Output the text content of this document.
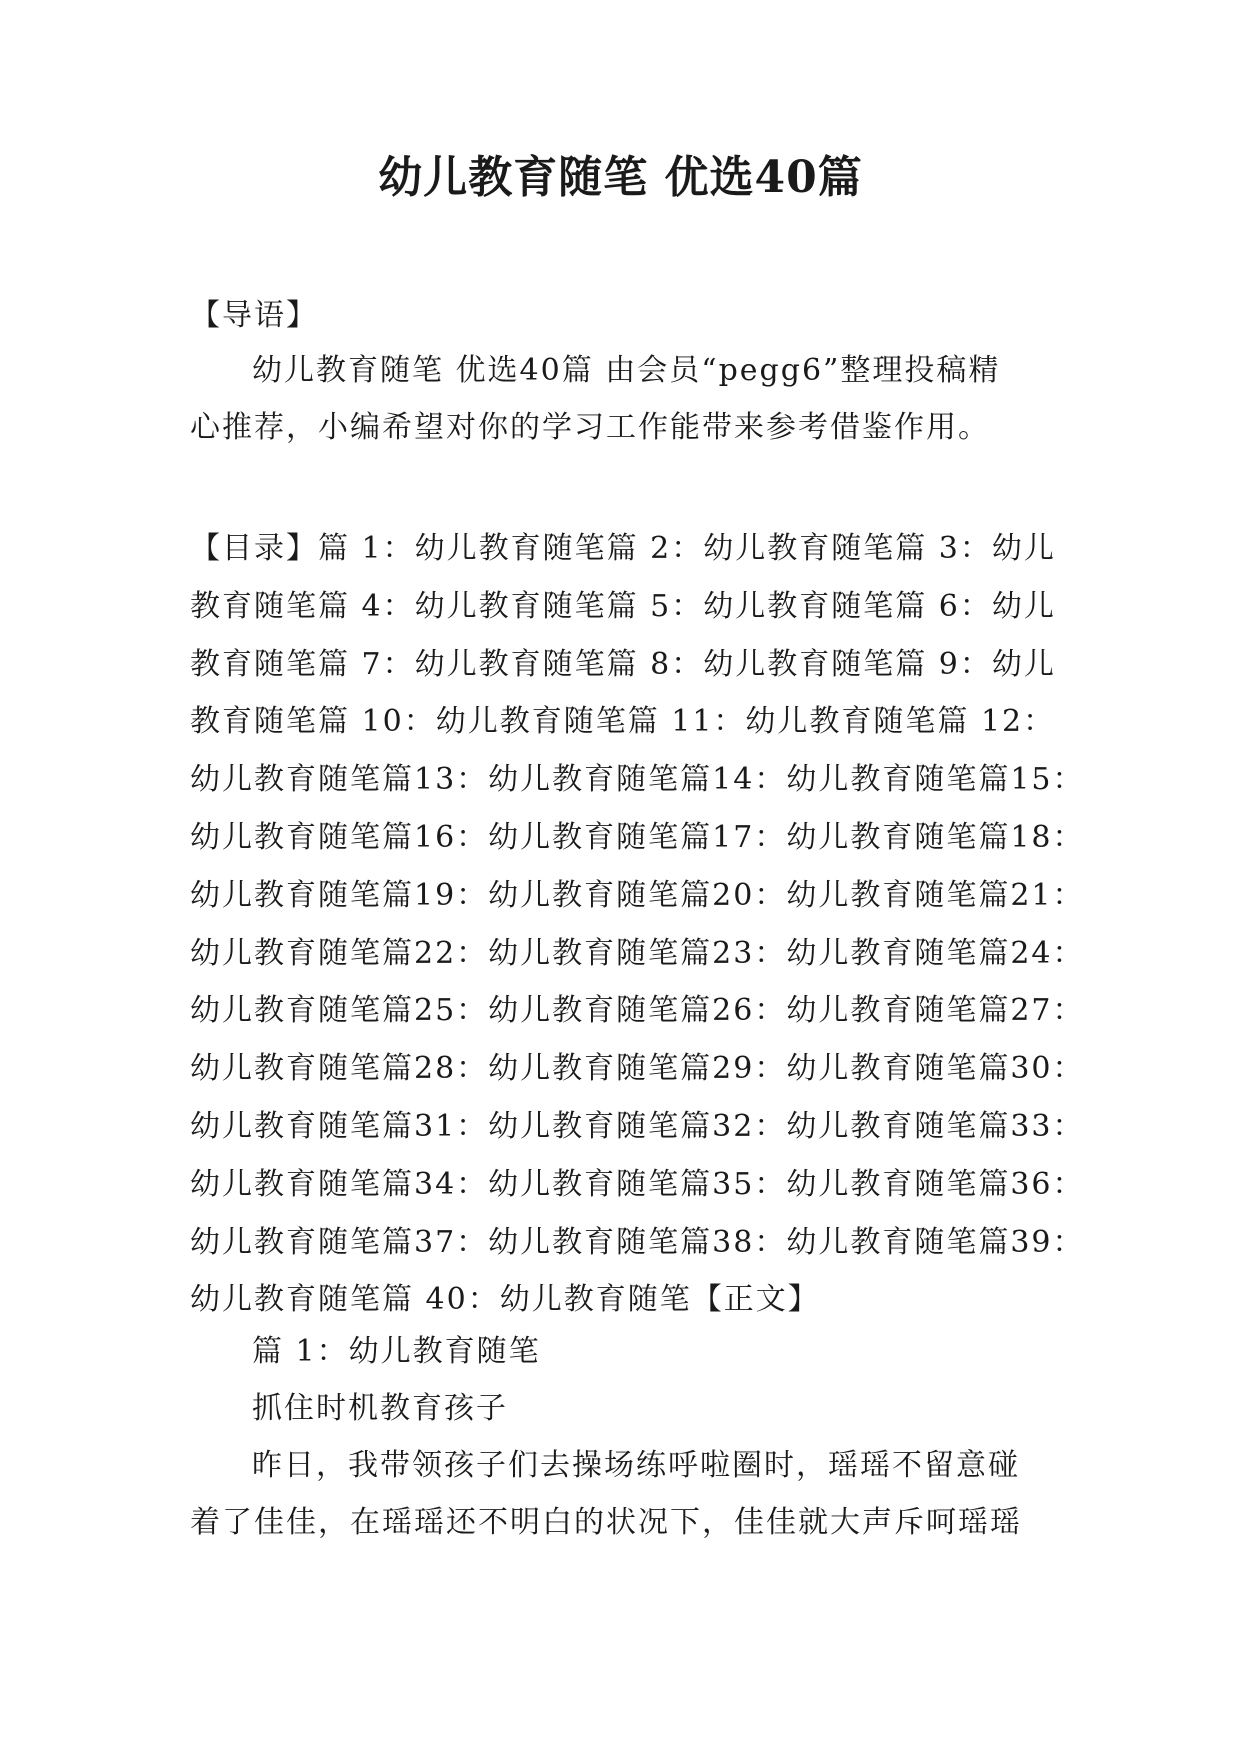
幼儿教育随笔 优选40篇
【导语】
幼儿教育随笔 优选40篇 由会员“pegg6”整理投稿精
心推荐，小编希望对你的学习工作能带来参考借鉴作用。
【目录】篇 1：幼儿教育随笔篇 2：幼儿教育随笔篇 3：幼儿
教育随笔篇 4：幼儿教育随笔篇 5：幼儿教育随笔篇 6：幼儿
教育随笔篇 7：幼儿教育随笔篇 8：幼儿教育随笔篇 9：幼儿
教育随笔篇 10：幼儿教育随笔篇 11：幼儿教育随笔篇 12：
幼儿教育随笔篇13：幼儿教育随笔篇14：幼儿教育随笔篇15：
幼儿教育随笔篇16：幼儿教育随笔篇17：幼儿教育随笔篇18：
幼儿教育随笔篇19：幼儿教育随笔篇20：幼儿教育随笔篇21：
幼儿教育随笔篇22：幼儿教育随笔篇23：幼儿教育随笔篇24：
幼儿教育随笔篇25：幼儿教育随笔篇26：幼儿教育随笔篇27：
幼儿教育随笔篇28：幼儿教育随笔篇29：幼儿教育随笔篇30：
幼儿教育随笔篇31：幼儿教育随笔篇32：幼儿教育随笔篇33：
幼儿教育随笔篇34：幼儿教育随笔篇35：幼儿教育随笔篇36：
幼儿教育随笔篇37：幼儿教育随笔篇38：幼儿教育随笔篇39：
幼儿教育随笔篇 40：幼儿教育随笔【正文】
篇 1：幼儿教育随笔
抓住时机教育孩子
昨日，我带领孩子们去操场练呼啦圈时，瑶瑶不留意碰
着了佳佳，在瑶瑶还不明白的状况下，佳佳就大声斥呵瑶瑶
